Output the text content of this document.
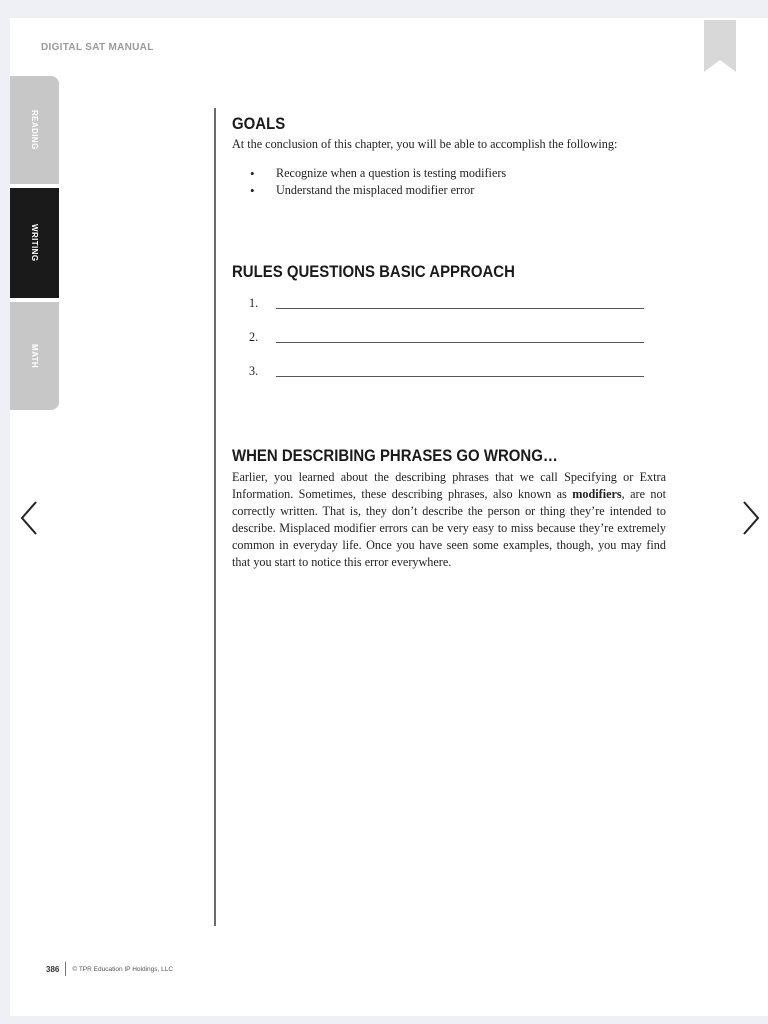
DIGITAL SAT MANUAL
READING
WRITING
MATH
GOALS

At the conclusion of this chapter, you will be able to accomplish the following:

• Recognize when a question is testing modifiers
• Understand the misplaced modifier error
RULES QUESTIONS BASIC APPROACH
1.
2.
3.
WHEN DESCRIBING PHRASES GO WRONG…

Earlier, you learned about the describing phrases that we call Specifying or Extra Information. Sometimes, these describing phrases, also known as modifiers, are not correctly written. That is, they don’t describe the person or thing they’re intended to describe. Misplaced modifier errors can be very easy to miss because they’re extremely common in everyday life. Once you have seen some examples, though, you may find that you start to notice this error everywhere.

386 © TPR Education IP Holdings, LLC
